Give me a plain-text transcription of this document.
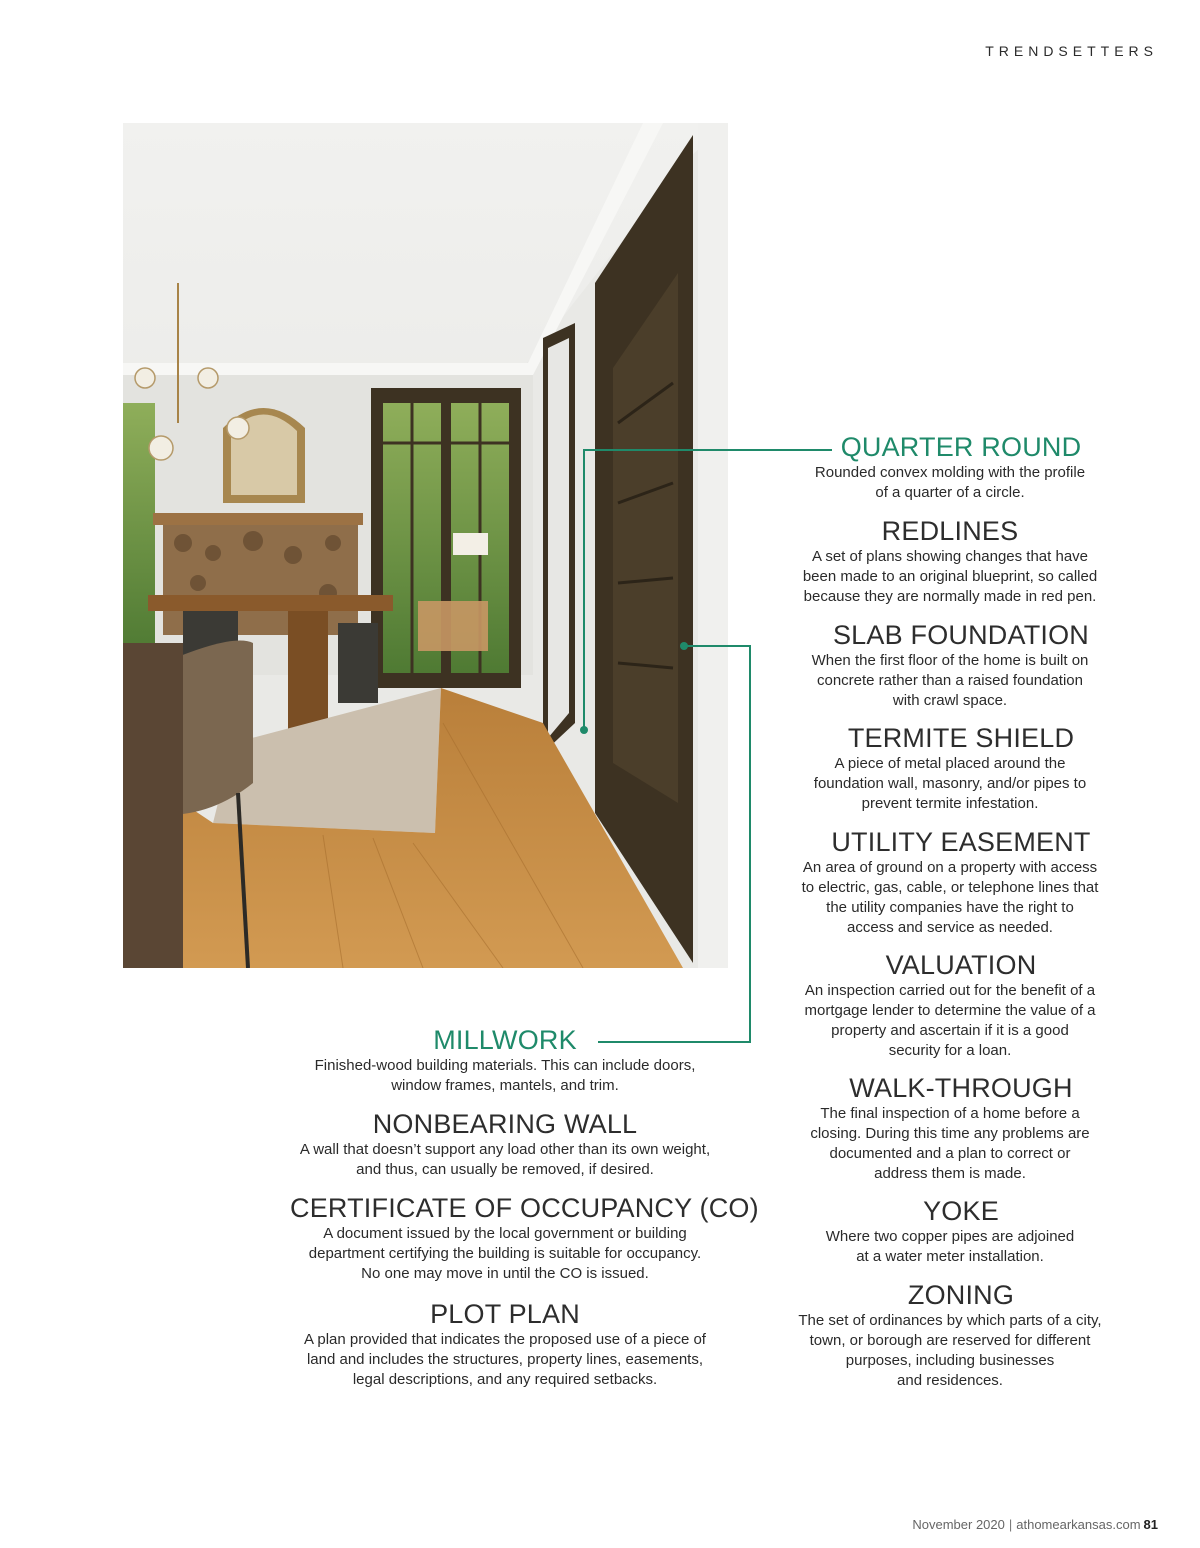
TRENDSETTERS
QUARTER ROUND
Rounded convex molding with the profile
of a quarter of a circle.
REDLINES
A set of plans showing changes that have
been made to an original blueprint, so called
because they are normally made in red pen.
SLAB FOUNDATION
When the first floor of the home is built on
concrete rather than a raised foundation
with crawl space.
TERMITE SHIELD
A piece of metal placed around the
foundation wall, masonry, and/or pipes to
prevent termite infestation.
UTILITY EASEMENT
An area of ground on a property with access
to electric, gas, cable, or telephone lines that
the utility companies have the right to
access and service as needed.
VALUATION
An inspection carried out for the benefit of a
mortgage lender to determine the value of a
property and ascertain if it is a good
security for a loan.
WALK-THROUGH
The final inspection of a home before a
closing. During this time any problems are
documented and a plan to correct or
address them is made.
YOKE
Where two copper pipes are adjoined
at a water meter installation.
ZONING
The set of ordinances by which parts of a city,
town, or borough are reserved for different
purposes, including businesses
and residences.
MILLWORK
Finished-wood building materials. This can include doors,
window frames, mantels, and trim.
NONBEARING WALL
A wall that doesn’t support any load other than its own weight,
and thus, can usually be removed, if desired.
CERTIFICATE OF OCCUPANCY (CO)
A document issued by the local government or building
department certifying the building is suitable for occupancy.
No one may move in until the CO is issued.
PLOT PLAN
A plan provided that indicates the proposed use of a piece of
land and includes the structures, property lines, easements,
legal descriptions, and any required setbacks.
November 2020 | athomearkansas.com 81
